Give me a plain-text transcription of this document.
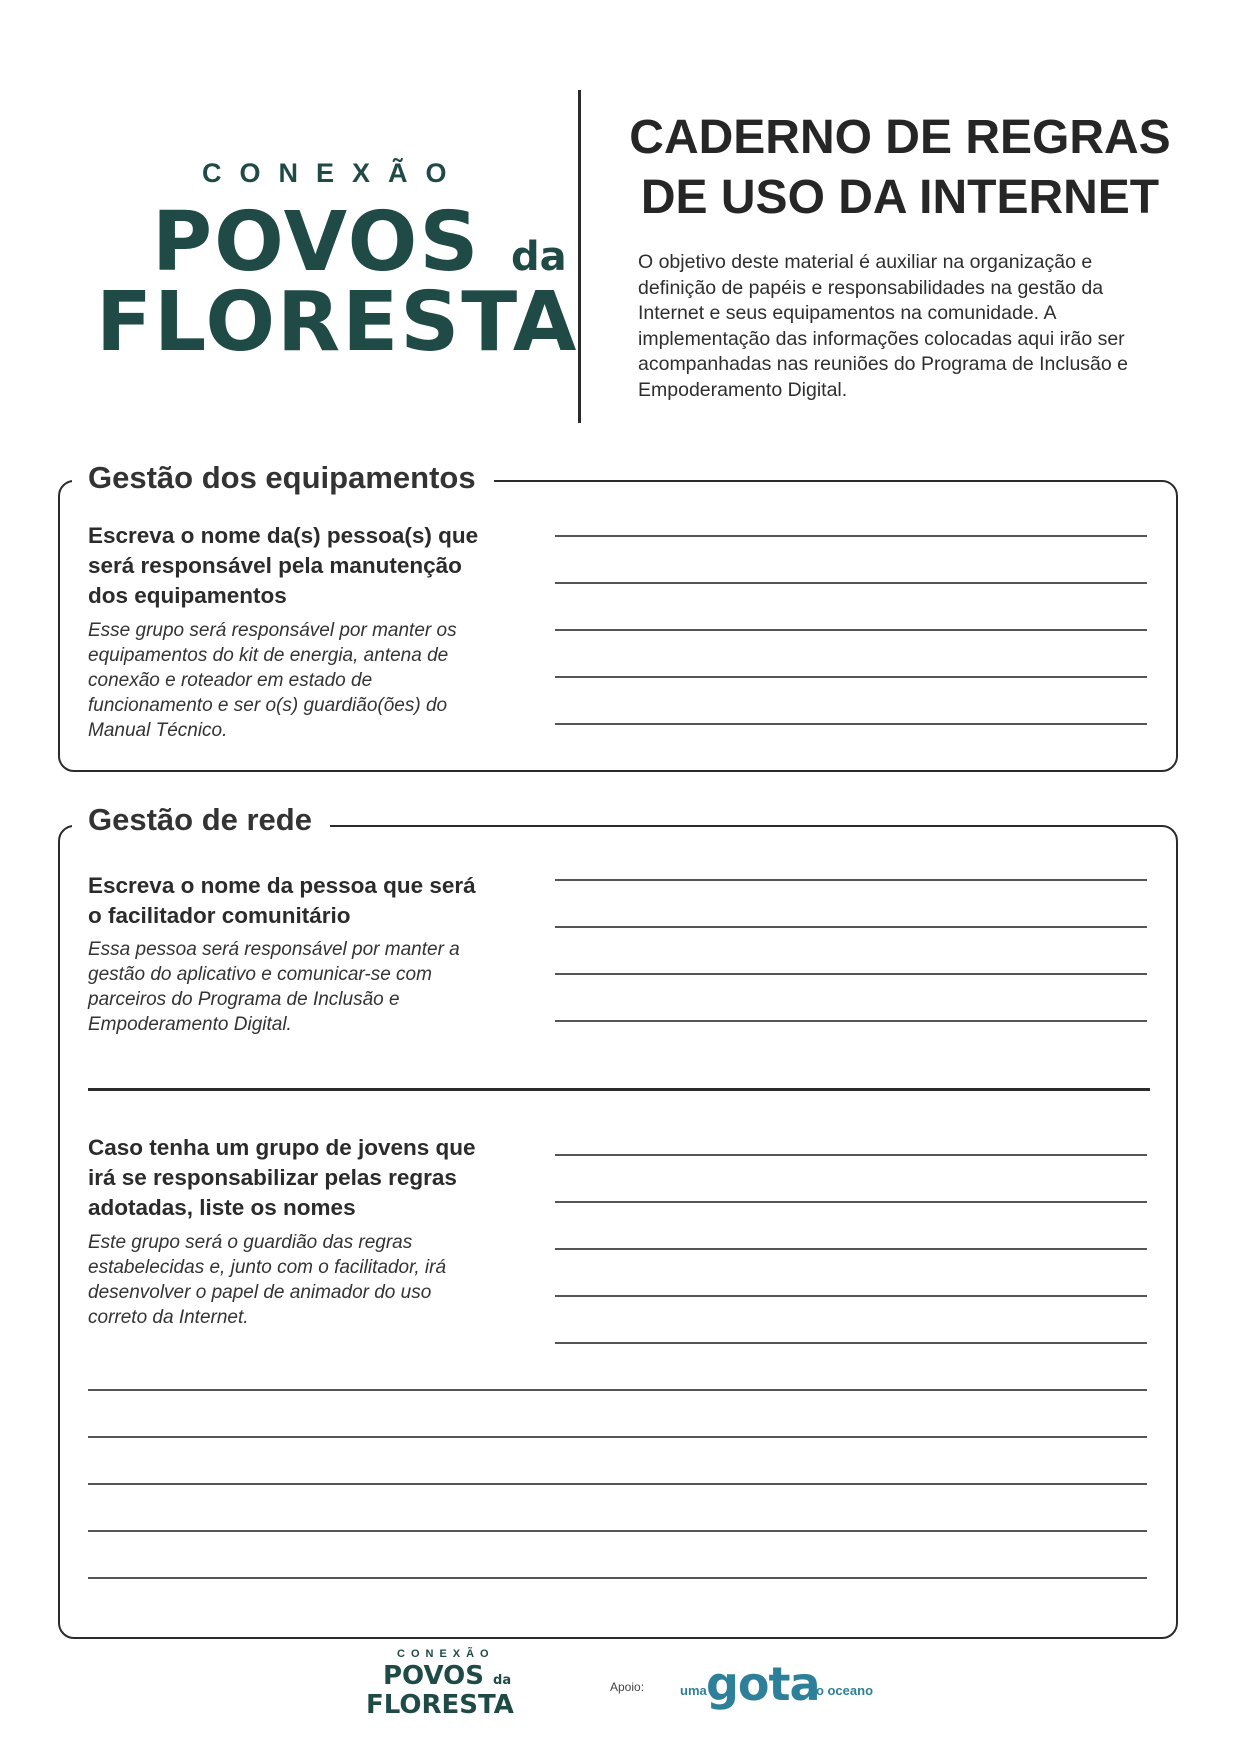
CONEXÃO
POVOS da
FLORESTA
CADERNO DE REGRAS
DE USO DA INTERNET
O objetivo deste material é auxiliar na organização e definição de papéis e responsabilidades na gestão da Internet e seus equipamentos na comunidade. A implementação das informações colocadas aqui irão ser acompanhadas nas reuniões do Programa de Inclusão e Empoderamento Digital.
Gestão dos equipamentos
Escreva o nome da(s) pessoa(s) que será responsável pela manutenção dos equipamentos
Esse grupo será responsável por manter os equipamentos do kit de energia, antena de conexão e roteador em estado de funcionamento e ser o(s) guardião(ões) do Manual Técnico.
Gestão de rede
Escreva o nome da pessoa que será o facilitador comunitário
Essa pessoa será responsável por manter a gestão do aplicativo e comunicar-se com parceiros do Programa de Inclusão e Empoderamento Digital.
Caso tenha um grupo de jovens que irá se responsabilizar pelas regras adotadas, liste os nomes
Este grupo será o guardião das regras estabelecidas e, junto com o facilitador, irá desenvolver o papel de animador do uso correto da Internet.
CONEXÃO
POVOS da
FLORESTA
Apoio:	uma gota
no oceano
